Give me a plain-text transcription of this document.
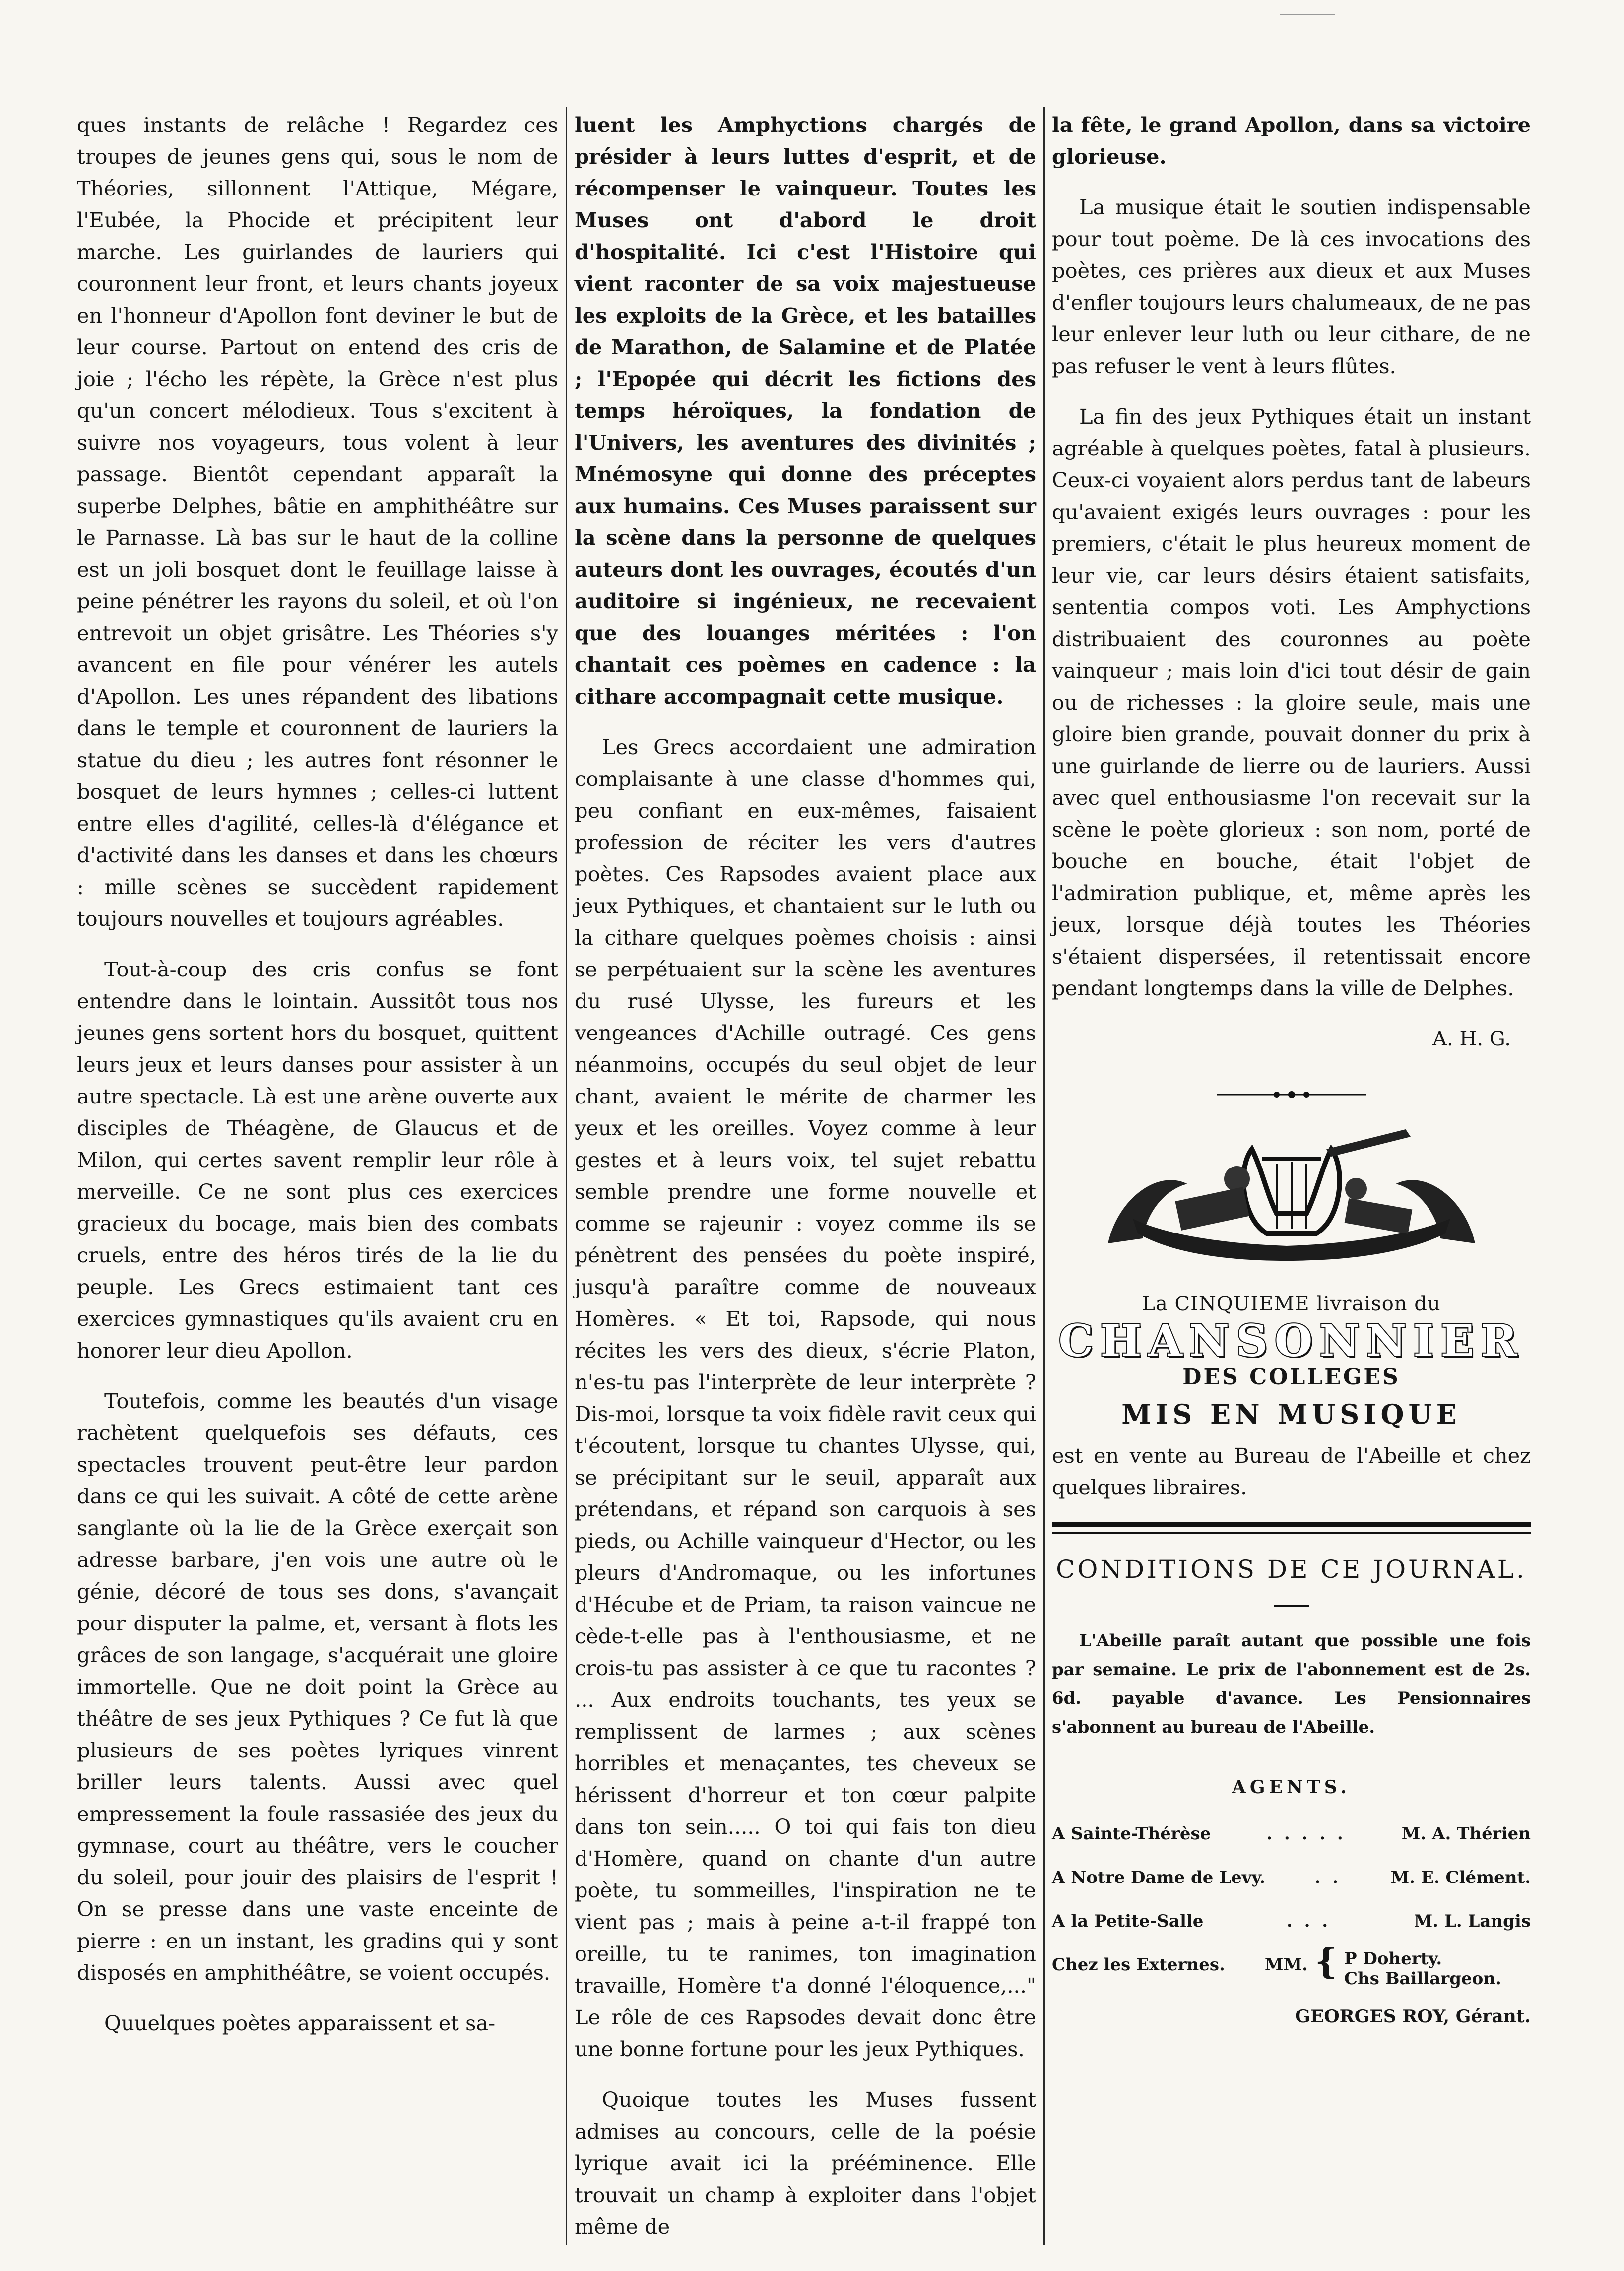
ques instants de relâche ! Regardez ces troupes de jeunes gens qui, sous le nom de Théories, sillonnent l'Attique, Mégare, l'Eubée, la Phocide et précipitent leur marche. Les guirlandes de lauriers qui couronnent leur front, et leurs chants joyeux en l'honneur d'Apollon font deviner le but de leur course. Partout on entend des cris de joie ; l'écho les répète, la Grèce n'est plus qu'un concert mélodieux. Tous s'excitent à suivre nos voyageurs, tous volent à leur passage. Bientôt cependant apparaît la superbe Delphes, bâtie en amphithéâtre sur le Parnasse. Là bas sur le haut de la colline est un joli bosquet dont le feuillage laisse à peine pénétrer les rayons du soleil, et où l'on entrevoit un objet grisâtre. Les Théories s'y avancent en file pour vénérer les autels d'Apollon. Les unes répandent des libations dans le temple et couronnent de lauriers la statue du dieu ; les autres font résonner le bosquet de leurs hymnes ; celles-ci luttent entre elles d'agilité, celles-là d'élégance et d'activité dans les danses et dans les chœurs : mille scènes se succèdent rapidement toujours nouvelles et toujours agréables.

Tout-à-coup des cris confus se font entendre dans le lointain. Aussitôt tous nos jeunes gens sortent hors du bosquet, quittent leurs jeux et leurs danses pour assister à un autre spectacle. Là est une arène ouverte aux disciples de Théagène, de Glaucus et de Milon, qui certes savent remplir leur rôle à merveille. Ce ne sont plus ces exercices gracieux du bocage, mais bien des combats cruels, entre des héros tirés de la lie du peuple. Les Grecs estimaient tant ces exercices gymnastiques qu'ils avaient cru en honorer leur dieu Apollon.

Toutefois, comme les beautés d'un visage rachètent quelquefois ses défauts, ces spectacles trouvent peut-être leur pardon dans ce qui les suivait. A côté de cette arène sanglante où la lie de la Grèce exerçait son adresse barbare, j'en vois une autre où le génie, décoré de tous ses dons, s'avançait pour disputer la palme, et, versant à flots les grâces de son langage, s'acquérait une gloire immortelle. Que ne doit point la Grèce au théâtre de ses jeux Pythiques ? Ce fut là que plusieurs de ses poètes lyriques vinrent briller leurs talents. Aussi avec quel empressement la foule rassasiée des jeux du gymnase, court au théâtre, vers le coucher du soleil, pour jouir des plaisirs de l'esprit ! On se presse dans une vaste enceinte de pierre : en un instant, les gradins qui y sont disposés en amphithéâtre, se voient occupés.

Quuelques poètes apparaissent et sa-

luent les Amphyctions chargés de présider à leurs luttes d'esprit, et de récompenser le vainqueur. Toutes les Muses ont d'abord le droit d'hospitalité. Ici c'est l'Histoire qui vient raconter de sa voix majestueuse les exploits de la Grèce, et les batailles de Marathon, de Salamine et de Platée ; l'Epopée qui décrit les fictions des temps héroïques, la fondation de l'Univers, les aventures des divinités ; Mnémosyne qui donne des préceptes aux humains. Ces Muses paraissent sur la scène dans la personne de quelques auteurs dont les ouvrages, écoutés d'un auditoire si ingénieux, ne recevaient que des louanges méritées : l'on chantait ces poèmes en cadence : la cithare accompagnait cette musique.

Les Grecs accordaient une admiration complaisante à une classe d'hommes qui, peu confiant en eux-mêmes, faisaient profession de réciter les vers d'autres poètes. Ces Rapsodes avaient place aux jeux Pythiques, et chantaient sur le luth ou la cithare quelques poèmes choisis : ainsi se perpétuaient sur la scène les aventures du rusé Ulysse, les fureurs et les vengeances d'Achille outragé. Ces gens néanmoins, occupés du seul objet de leur chant, avaient le mérite de charmer les yeux et les oreilles. Voyez comme à leur gestes et à leurs voix, tel sujet rebattu semble prendre une forme nouvelle et comme se rajeunir : voyez comme ils se pénètrent des pensées du poète inspiré, jusqu'à paraître comme de nouveaux Homères. « Et toi, Rapsode, qui nous récites les vers des dieux, s'écrie Platon, n'es-tu pas l'interprète de leur interprète ? Dis-moi, lorsque ta voix fidèle ravit ceux qui t'écoutent, lorsque tu chantes Ulysse, qui, se précipitant sur le seuil, apparaît aux prétendans, et répand son carquois à ses pieds, ou Achille vainqueur d'Hector, ou les pleurs d'Andromaque, ou les infortunes d'Hécube et de Priam, ta raison vaincue ne cède-t-elle pas à l'enthousiasme, et ne crois-tu pas assister à ce que tu racontes ? ... Aux endroits touchants, tes yeux se remplissent de larmes ; aux scènes horribles et menaçantes, tes cheveux se hérissent d'horreur et ton cœur palpite dans ton sein..... O toi qui fais ton dieu d'Homère, quand on chante d'un autre poète, tu sommeilles, l'inspiration ne te vient pas ; mais à peine a-t-il frappé ton oreille, tu te ranimes, ton imagination travaille, Homère t'a donné l'éloquence,..." Le rôle de ces Rapsodes devait donc être une bonne fortune pour les jeux Pythiques.

Quoique toutes les Muses fussent admises au concours, celle de la poésie lyrique avait ici la prééminence. Elle trouvait un champ à exploiter dans l'objet même de

la fête, le grand Apollon, dans sa victoire glorieuse.

La musique était le soutien indispensable pour tout poème. De là ces invocations des poètes, ces prières aux dieux et aux Muses d'enfler toujours leurs chalumeaux, de ne pas leur enlever leur luth ou leur cithare, de ne pas refuser le vent à leurs flûtes.

La fin des jeux Pythiques était un instant agréable à quelques poètes, fatal à plusieurs. Ceux-ci voyaient alors perdus tant de labeurs qu'avaient exigés leurs ouvrages : pour les premiers, c'était le plus heureux moment de leur vie, car leurs désirs étaient satisfaits, sententia compos voti. Les Amphyctions distribuaient des couronnes au poète vainqueur ; mais loin d'ici tout désir de gain ou de richesses : la gloire seule, mais une gloire bien grande, pouvait donner du prix à une guirlande de lierre ou de lauriers. Aussi avec quel enthousiasme l'on recevait sur la scène le poète glorieux : son nom, porté de bouche en bouche, était l'objet de l'admiration publique, et, même après les jeux, lorsque déjà toutes les Théories s'étaient dispersées, il retentissait encore pendant longtemps dans la ville de Delphes.

A. H. G.

La CINQUIEME livraison du
CHANSONNIER
DES COLLEGES
MIS EN MUSIQUE

est en vente au Bureau de l'Abeille et chez quelques libraires.

CONDITIONS DE CE JOURNAL.

L'Abeille paraît autant que possible une fois par semaine. Le prix de l'abonnement est de 2s. 6d. payable d'avance. Les Pensionnaires s'abonnent au bureau de l'Abeille.

AGENTS.
A Sainte-Thérèse	. . . . .	M. A. Thérien
A Notre Dame de Levy.	. .	M. E. Clément.
A la Petite-Salle	. . .	M. L. Langis
Chez les Externes. MM. { P Doherty.
Chs Baillargeon.
GEORGES ROY, Gérant.
